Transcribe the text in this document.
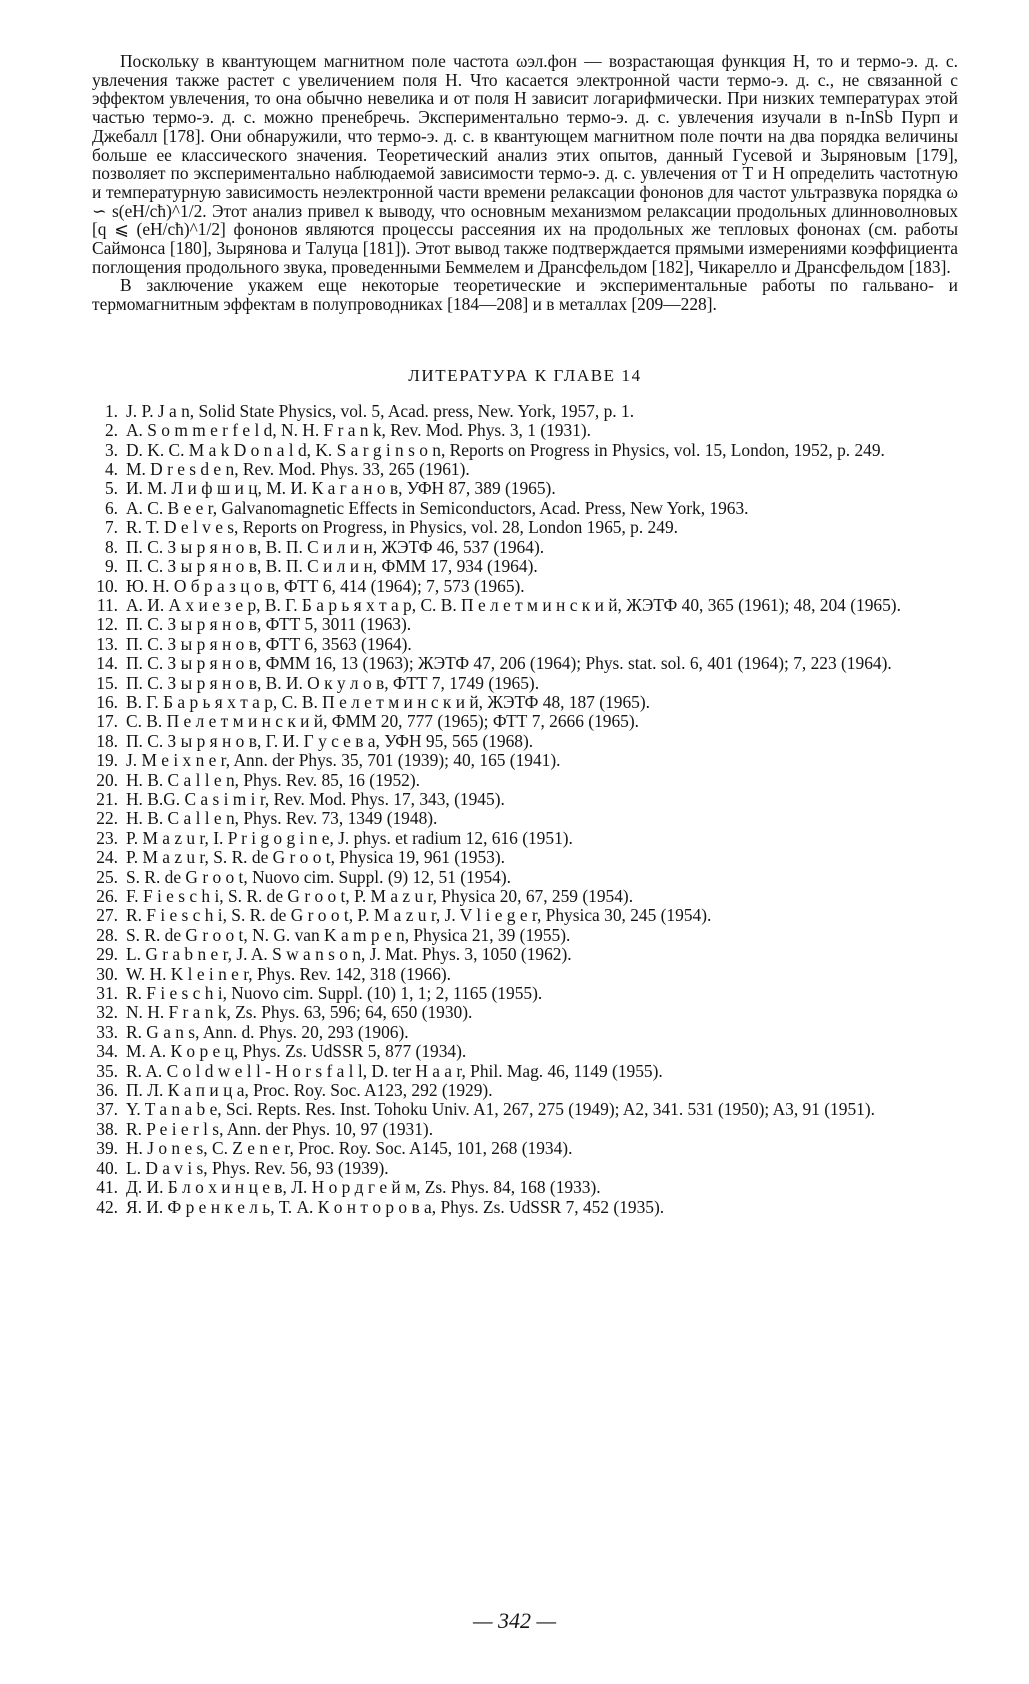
Поскольку в квантующем магнитном поле частота ωэл.фон — возрастающая функция H, то и термо-э. д. с. увлечения также растет с увеличением поля H. Что касается электронной части термо-э. д. с., не связанной с эффектом увлечения, то она обычно невелика и от поля H зависит логарифмически. При низких температурах этой частью термо-э. д. с. можно пренебречь. Экспериментально термо-э. д. с. увлечения изучали в n-InSb Пурп и Джебалл [178]. Они обнаружили, что термо-э. д. с. в квантующем магнитном поле почти на два порядка величины больше ее классического значения. Теоретический анализ этих опытов, данный Гусевой и Зыряновым [179], позволяет по экспериментально наблюдаемой зависимости термо-э. д. с. увлечения от T и H определить частотную и температурную зависимость неэлектронной части времени релаксации фононов для частот ультразвука порядка ω ∽ s(eH/cħ)^1/2. Этот анализ привел к выводу, что основным механизмом релаксации продольных длинноволновых [q ⩽ (eH/cħ)^1/2] фононов являются процессы рассеяния их на продольных же тепловых фононах (см. работы Саймонса [180], Зырянова и Талуца [181]). Этот вывод также подтверждается прямыми измерениями коэффициента поглощения продольного звука, проведенными Беммелем и Дрансфельдом [182], Чикарелло и Дрансфельдом [183].

В заключение укажем еще некоторые теоретические и экспериментальные работы по гальвано- и термомагнитным эффектам в полупроводниках [184—208] и в металлах [209—228].

ЛИТЕРАТУРА К ГЛАВЕ 14
1. J. P. J a n, Solid State Physics, vol. 5, Acad. press, New. York, 1957, p. 1.
2. A. S o m m e r f e l d, N. H. F r a n k, Rev. Mod. Phys. 3, 1 (1931).
3. D. K. C. M a k D o n a l d, K. S a r g i n s o n, Reports on Progress in Physics, vol. 15, London, 1952, p. 249.
4. M. D r e s d e n, Rev. Mod. Phys. 33, 265 (1961).
5. И. М. Л и ф ш и ц, М. И. К а г а н о в, УФН 87, 389 (1965).
6. A. C. B e e r, Galvanomagnetic Effects in Semiconductors, Acad. Press, New York, 1963.
7. R. T. D e l v e s, Reports on Progress, in Physics, vol. 28, London 1965, p. 249.
8. П. С. З ы р я н о в, В. П. С и л и н, ЖЭТФ 46, 537 (1964).
9. П. С. З ы р я н о в, В. П. С и л и н, ФММ 17, 934 (1964).
10. Ю. Н. О б р а з ц о в, ФТТ 6, 414 (1964); 7, 573 (1965).
11. А. И. А х и е з е р, В. Г. Б а р ь я х т а р, С. В. П е л е т м и н с к и й, ЖЭТФ 40, 365 (1961); 48, 204 (1965).
12. П. С. З ы р я н о в, ФТТ 5, 3011 (1963).
13. П. С. З ы р я н о в, ФТТ 6, 3563 (1964).
14. П. С. З ы р я н о в, ФММ 16, 13 (1963); ЖЭТФ 47, 206 (1964); Phys. stat. sol. 6, 401 (1964); 7, 223 (1964).
15. П. С. З ы р я н о в, В. И. О к у л о в, ФТТ 7, 1749 (1965).
16. В. Г. Б а р ь я х т а р, С. В. П е л е т м и н с к и й, ЖЭТФ 48, 187 (1965).
17. С. В. П е л е т м и н с к и й, ФММ 20, 777 (1965); ФТТ 7, 2666 (1965).
18. П. С. З ы р я н о в, Г. И. Г у с е в а, УФН 95, 565 (1968).
19. J. M e i x n e r, Ann. der Phys. 35, 701 (1939); 40, 165 (1941).
20. H. B. C a l l e n, Phys. Rev. 85, 16 (1952).
21. H. B.G. C a s i m i r, Rev. Mod. Phys. 17, 343, (1945).
22. H. B. C a l l e n, Phys. Rev. 73, 1349 (1948).
23. P. M a z u r, I. P r i g o g i n e, J. phys. et radium 12, 616 (1951).
24. P. M a z u r, S. R. de G r o o t, Physica 19, 961 (1953).
25. S. R. de G r o o t, Nuovo cim. Suppl. (9) 12, 51 (1954).
26. F. F i e s c h i, S. R. de G r o o t, P. M a z u r, Physica 20, 67, 259 (1954).
27. R. F i e s c h i, S. R. de G r o o t, P. M a z u r, J. V l i e g e r, Physica 30, 245 (1954).
28. S. R. de G r o o t, N. G. van K a m p e n, Physica 21, 39 (1955).
29. L. G r a b n e r, J. A. S w a n s o n, J. Mat. Phys. 3, 1050 (1962).
30. W. H. K l e i n e r, Phys. Rev. 142, 318 (1966).
31. R. F i e s c h i, Nuovo cim. Suppl. (10) 1, 1; 2, 1165 (1955).
32. N. H. F r a n k, Zs. Phys. 63, 596; 64, 650 (1930).
33. R. G a n s, Ann. d. Phys. 20, 293 (1906).
34. M. A. К о р е ц, Phys. Zs. UdSSR 5, 877 (1934).
35. R. A. C o l d w e l l - H o r s f a l l, D. ter H a a r, Phil. Mag. 46, 1149 (1955).
36. П. Л. К а п и ц а, Proc. Roy. Soc. A123, 292 (1929).
37. Y. T a n a b e, Sci. Repts. Res. Inst. Tohoku Univ. A1, 267, 275 (1949); A2, 341. 531 (1950); A3, 91 (1951).
38. R. P e i e r l s, Ann. der Phys. 10, 97 (1931).
39. H. J o n e s, C. Z e n e r, Proc. Roy. Soc. A145, 101, 268 (1934).
40. L. D a v i s, Phys. Rev. 56, 93 (1939).
41. Д. И. Б л о х и н ц е в, Л. Н о р д г е й м, Zs. Phys. 84, 168 (1933).
42. Я. И. Ф р е н к е л ь, Т. А. К о н т о р о в а, Phys. Zs. UdSSR 7, 452 (1935).
— 342 —
